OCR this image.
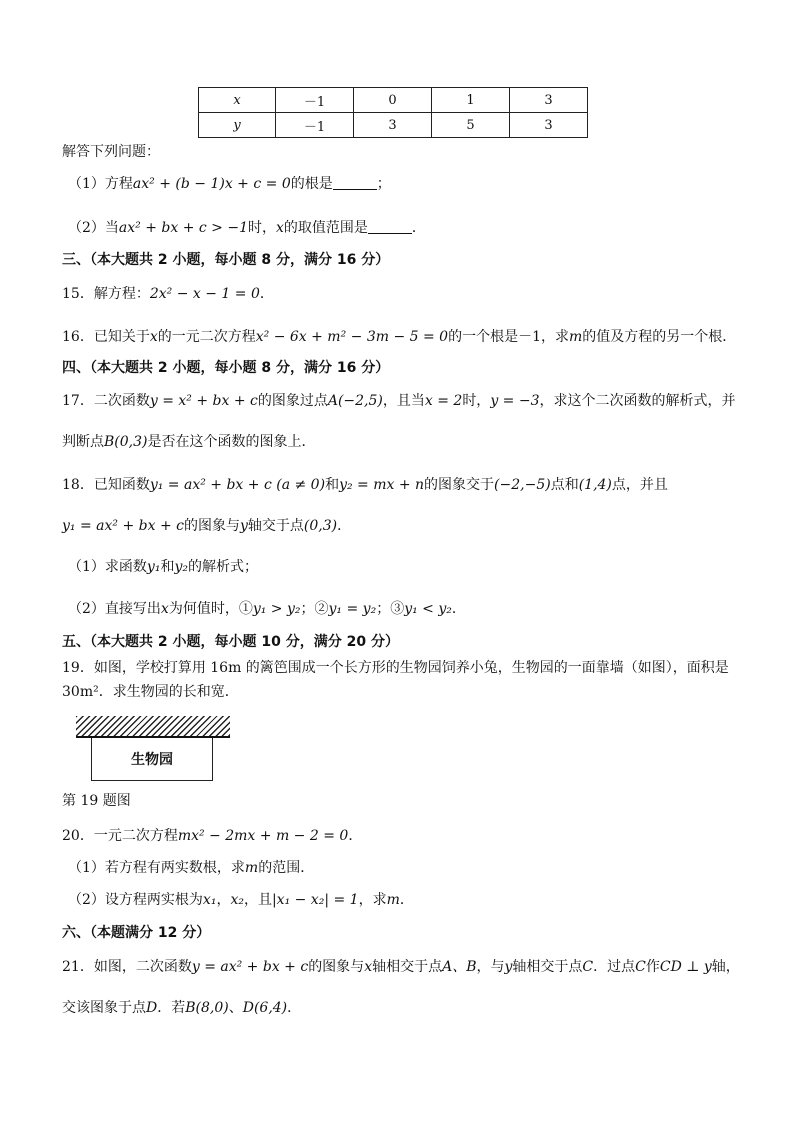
x	－1	0	1	3
y	－1	3	5	3
解答下列问题：
（1）方程ax² + (b − 1)x + c = 0的根是	；
（2）当ax² + bx + c > −1时，x的取值范围是	．
三、（本大题共 2 小题，每小题 8 分，满分 16 分）
15．解方程：2x² − x − 1 = 0．
16．已知关于x的一元二次方程x² − 6x + m² − 3m − 5 = 0的一个根是－1，求m的值及方程的另一个根．
四、（本大题共 2 小题，每小题 8 分，满分 16 分）
17．二次函数y = x² + bx + c的图象过点A(−2,5)，且当x = 2时，y = −3，求这个二次函数的解析式，并
判断点B(0,3)是否在这个函数的图象上．
18．已知函数y₁ = ax² + bx + c (a ≠ 0)和y₂ = mx + n的图象交于(−2,−5)点和(1,4)点，并且
y₁ = ax² + bx + c的图象与y轴交于点(0,3)．
（1）求函数y₁和y₂的解析式；
（2）直接写出x为何值时，①y₁ > y₂；②y₁ = y₂；③y₁ < y₂．
五、（本大题共 2 小题，每小题 10 分，满分 20 分）
19．如图，学校打算用 16m 的篱笆围成一个长方形的生物园饲养小兔，生物园的一面靠墙（如图），面积是
30m²．求生物园的长和宽．
生物园
第 19 题图
20．一元二次方程mx² − 2mx + m − 2 = 0．
（1）若方程有两实数根，求m的范围．
（2）设方程两实根为x₁，x₂，且|x₁ − x₂| = 1，求m．
六、（本题满分 12 分）
21．如图，二次函数y = ax² + bx + c的图象与x轴相交于点A、B，与y轴相交于点C．过点C作CD ⊥ y轴，
交该图象于点D．若B(8,0)、D(6,4)．
